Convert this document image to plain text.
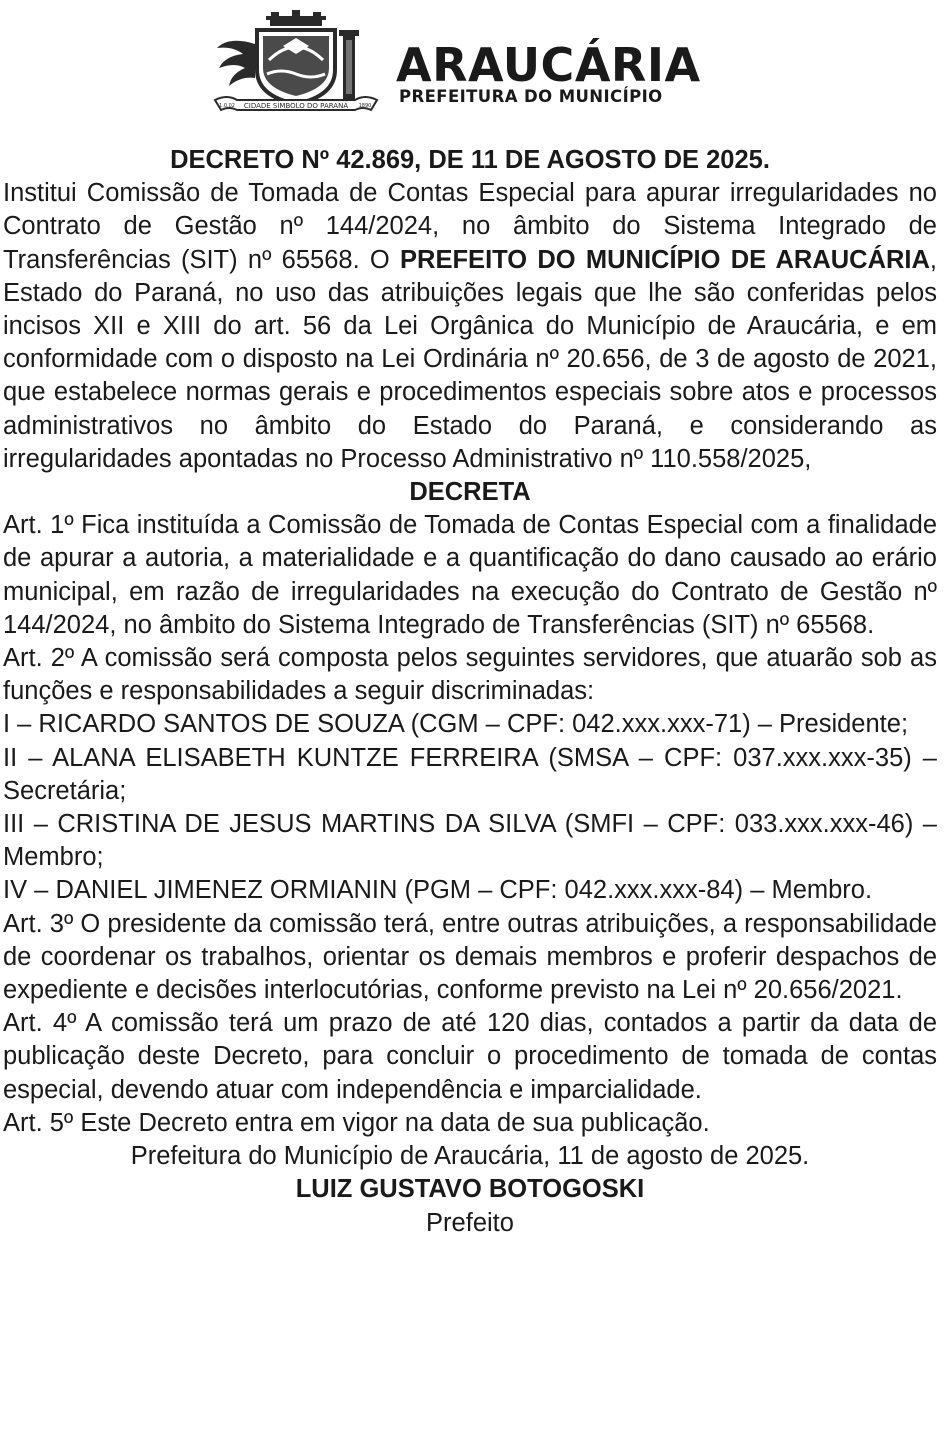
CIDADE SÍMBOLO DO PARANÁ
1.0.02	1890
ARAUCÁRIA
PREFEITURA DO MUNICÍPIO

DECRETO Nº 42.869, DE 11 DE AGOSTO DE 2025.

Institui Comissão de Tomada de Contas Especial para apurar irregularidades no Contrato de Gestão nº 144/2024, no âmbito do Sistema Integrado de Transferências (SIT) nº 65568. O PREFEITO DO MUNICÍPIO DE ARAUCÁRIA, Estado do Paraná, no uso das atribuições legais que lhe são conferidas pelos incisos XII e XIII do art. 56 da Lei Orgânica do Município de Araucária, e em conformidade com o disposto na Lei Ordinária nº 20.656, de 3 de agosto de 2021, que estabelece normas gerais e procedimentos especiais sobre atos e processos administrativos no âmbito do Estado do Paraná, e considerando as irregularidades apontadas no Processo Administrativo nº 110.558/2025,

DECRETA

Art. 1º Fica instituída a Comissão de Tomada de Contas Especial com a finalidade de apurar a autoria, a materialidade e a quantificação do dano causado ao erário municipal, em razão de irregularidades na execução do Contrato de Gestão nº 144/2024, no âmbito do Sistema Integrado de Transferências (SIT) nº 65568.

Art. 2º A comissão será composta pelos seguintes servidores, que atuarão sob as funções e responsabilidades a seguir discriminadas:

I – RICARDO SANTOS DE SOUZA (CGM – CPF: 042.xxx.xxx-71) – Presidente;

II – ALANA ELISABETH KUNTZE FERREIRA (SMSA – CPF: 037.xxx.xxx-35) – Secretária;

III – CRISTINA DE JESUS MARTINS DA SILVA (SMFI – CPF: 033.xxx.xxx-46) – Membro;

IV – DANIEL JIMENEZ ORMIANIN (PGM – CPF: 042.xxx.xxx-84) – Membro.

Art. 3º O presidente da comissão terá, entre outras atribuições, a responsabilidade de coordenar os trabalhos, orientar os demais membros e proferir despachos de expediente e decisões interlocutórias, conforme previsto na Lei nº 20.656/2021.

Art. 4º A comissão terá um prazo de até 120 dias, contados a partir da data de publicação deste Decreto, para concluir o procedimento de tomada de contas especial, devendo atuar com independência e imparcialidade.

Art. 5º Este Decreto entra em vigor na data de sua publicação.

Prefeitura do Município de Araucária, 11 de agosto de 2025.

LUIZ GUSTAVO BOTOGOSKI

Prefeito
